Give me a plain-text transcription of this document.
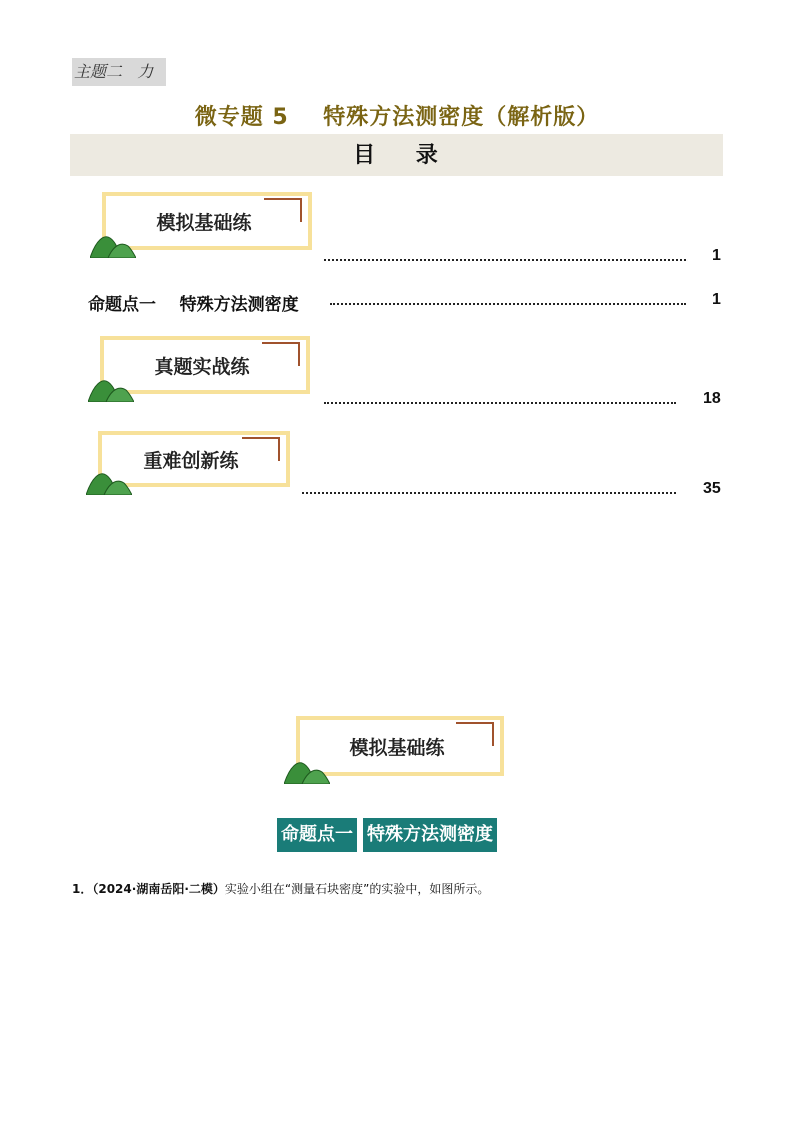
主题二   力
微专题 5    特殊方法测密度（解析版）
目    录
模拟基础练
1
命题点一    特殊方法测密度	1
真题实战练
18
重难创新练
35
模拟基础练
命题点一 特殊方法测密度
1．（2024·湖南岳阳·二模）实验小组在“测量石块密度”的实验中，如图所示。
